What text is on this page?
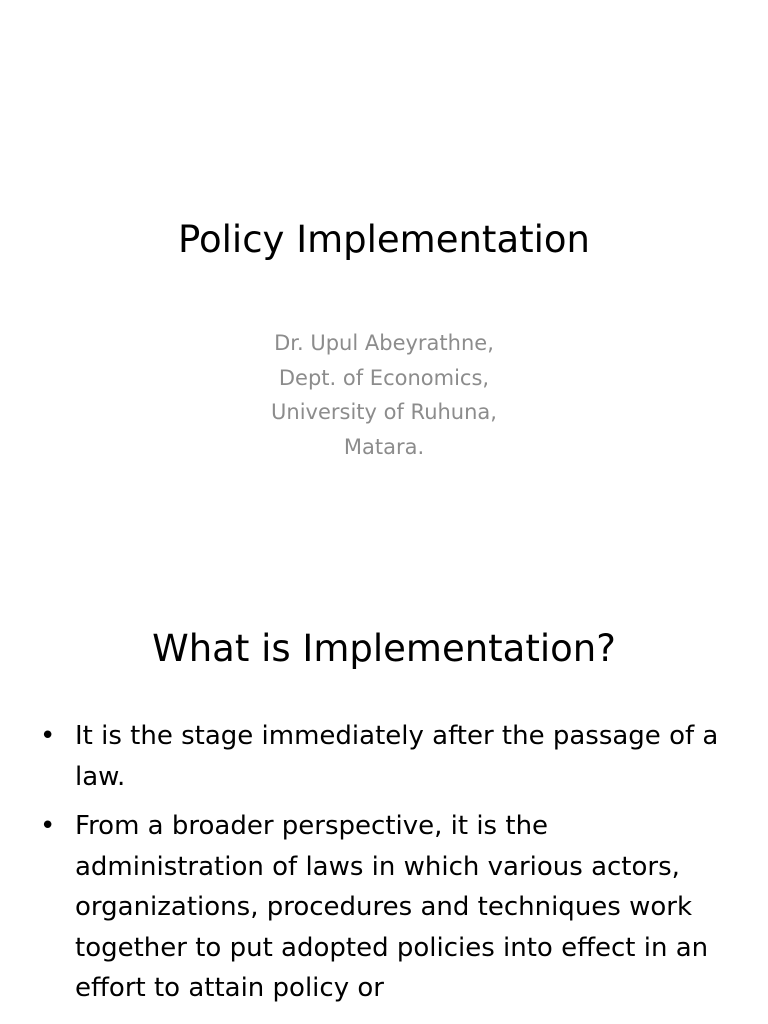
Policy Implementation
Dr. Upul Abeyrathne,
Dept. of Economics,
University of Ruhuna,
Matara.
What is Implementation?
• It is the stage immediately after the passage of a law.
• From a broader perspective, it is the administration of laws in which various actors, organizations, procedures and techniques work together to put adopted policies into effect in an effort to attain policy or
